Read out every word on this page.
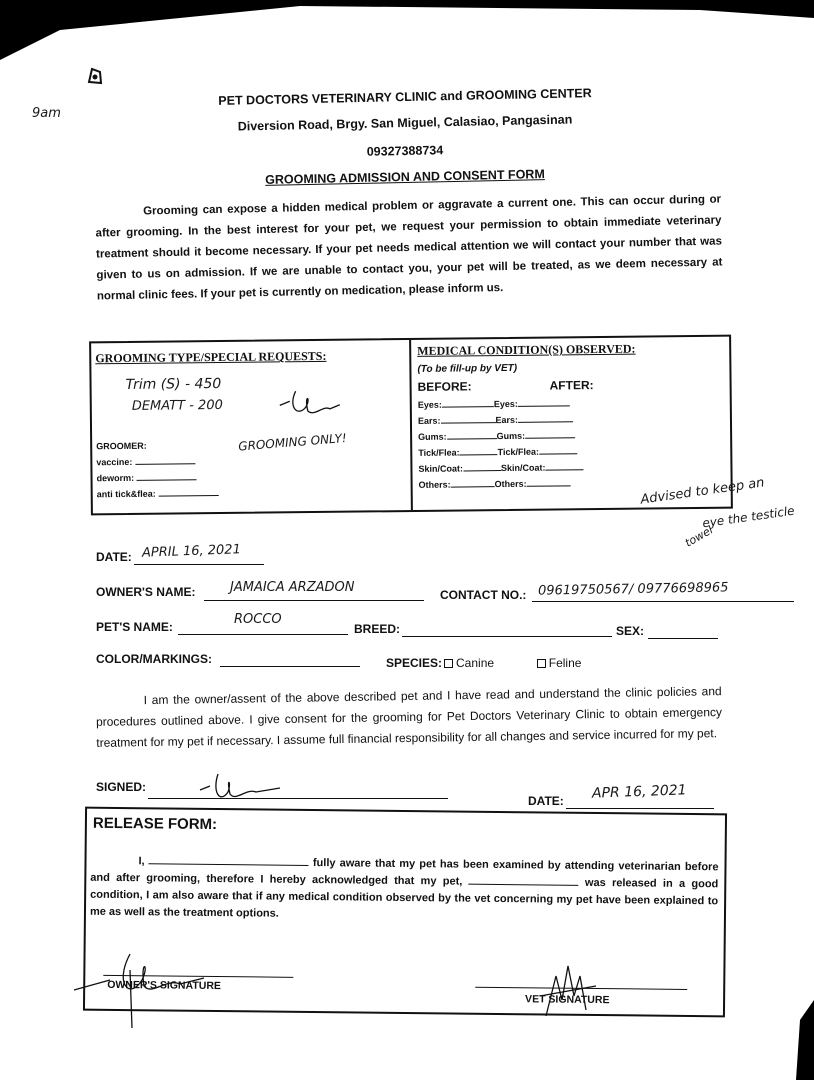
9am
PET DOCTORS VETERINARY CLINIC and GROOMING CENTER
Diversion Road, Brgy. San Miguel, Calasiao, Pangasinan
09327388734
GROOMING ADMISSION AND CONSENT FORM
Grooming can expose a hidden medical problem or aggravate a current one. This can occur during or after grooming. In the best interest for your pet, we request your permission to obtain immediate veterinary treatment should it become necessary. If your pet needs medical attention we will contact your number that was given to us on admission. If we are unable to contact you, your pet will be treated, as we deem necessary at normal clinic fees. If your pet is currently on medication, please inform us.
GROOMING TYPE/SPECIAL REQUESTS:
Trim (S) - 450
DEMATT - 200
GROOMING ONLY!
GROOMER:
vaccine:
deworm:
anti tick&flea:
MEDICAL CONDITION(S) OBSERVED:
(To be fill-up by VET)
BEFORE:	AFTER:
Eyes:	Eyes:
Ears:	Ears:
Gums:	Gums:
Tick/Flea:	Tick/Flea:
Skin/Coat:	Skin/Coat:
Others:	Others:	Advised to keep an
eye the testicle
towel
DATE: APRIL 16, 2021
OWNER'S NAME:	JAMAICA ARZADON	CONTACT NO.: 09619750567/ 09776698965
PET'S NAME:	ROCCO
BREED:	SEX:
COLOR/MARKINGS:	SPECIES: Canine	Feline
I am the owner/assent of the above described pet and I have read and understand the clinic policies and procedures outlined above. I give consent for the grooming for Pet Doctors Veterinary Clinic to obtain emergency treatment for my pet if necessary. I assume full financial responsibility for all changes and service incurred for my pet.
SIGNED:
DATE: APR 16, 2021
RELEASE FORM:
I,	fully aware that my pet has been examined by attending veterinarian before and after grooming, therefore I hereby acknowledged that my pet,	was released in a good condition, I am also aware that if any medical condition observed by the vet concerning my pet have been explained to me as well as the treatment options.
OWNER'S SIGNATURE
VET SIGNATURE
